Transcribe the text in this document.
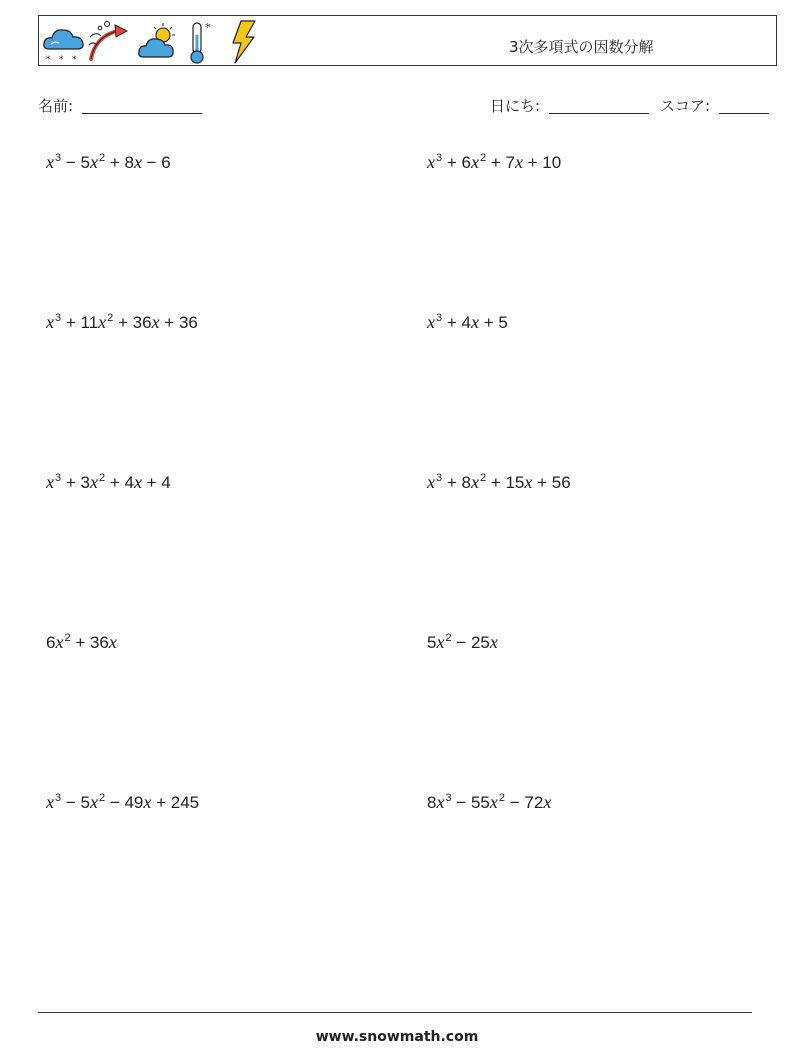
* * *
*
3次多項式の因数分解
名前:	日にち:	スコア:
$x^3 - 5x^2 + 8x - 6$	$x^3 + 6x^2 + 7x + 10$
$x^3 + 11x^2 + 36x + 36$	$x^3 + 4x + 5$
$x^3 + 3x^2 + 4x + 4$	$x^3 + 8x^2 + 15x + 56$
$6x^2 + 36x$	$5x^2 - 25x$
$x^3 - 5x^2 - 49x + 245$	$8x^3 - 55x^2 - 72x$
www.snowmath.com
